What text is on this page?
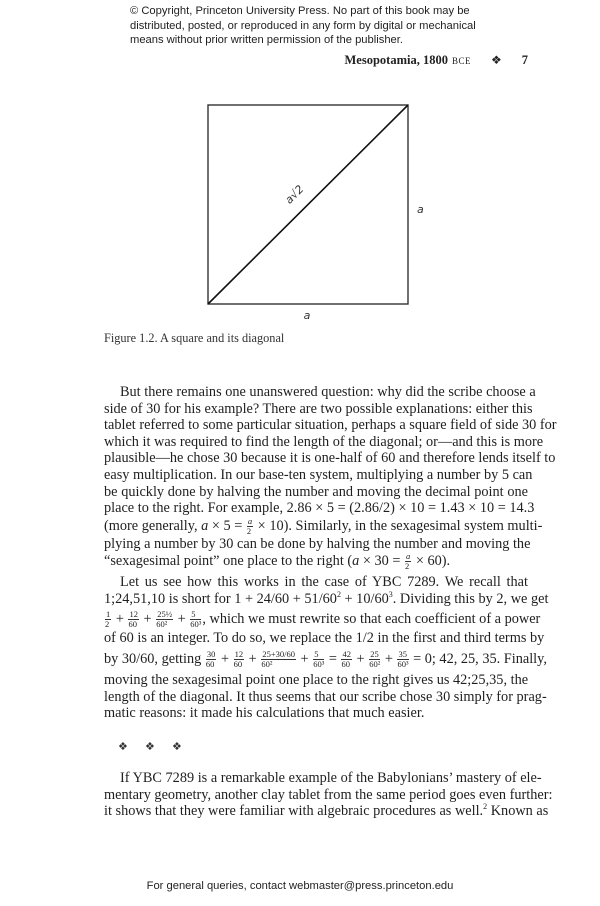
© Copyright, Princeton University Press. No part of this book may be
distributed, posted, or reproduced in any form by digital or mechanical
means without prior written permission of the publisher.
Mesopotamia, 1800 BCE ❖ 7
a√2
a
a
Figure 1.2. A square and its diagonal
But there remains one unanswered question: why did the scribe choose a
side of 30 for his example? There are two possible explanations: either this
tablet referred to some particular situation, perhaps a square field of side 30 for
which it was required to find the length of the diagonal; or—and this is more
plausible—he chose 30 because it is one-half of 60 and therefore lends itself to
easy multiplication. In our base-ten system, multiplying a number by 5 can
be quickly done by halving the number and moving the decimal point one
place to the right. For example, 2.86 × 5 = (2.86/2) × 10 = 1.43 × 10 = 14.3
(more generally, $a \times 5 = \frac{a}{2} \times 10$). Similarly, in the sexagesimal system multi-
plying a number by 30 can be done by halving the number and moving the
“sexagesimal point” one place to the right $(a \times 30 = \frac{a}{2} \times 60)$.
Let us see how this works in the case of YBC 7289. We recall that
1;24,51,10 is short for $1 + 24/60 + 51/60^2 + 10/60^3$. Dividing this by 2, we get
$\frac{1}{2} + \frac{12}{60} + \frac{\text{25½}}{\text{60²}} + \frac{5}{\text{60³}}$ , which we must rewrite so that each coefficient of a power
of 60 is an integer. To do so, we replace the 1/2 in the first and third terms by
by 30/60, getting $\frac{30}{60} + \frac{12}{60} + \frac{25+30/60}{\text{60²}} + \frac{5}{\text{60³}} = \frac{42}{60} + \frac{25}{\text{60²}} + \frac{35}{\text{60³}} = 0$; 42, 25, 35. Finally,
moving the sexagesimal point one place to the right gives us 42;25,35, the
length of the diagonal. It thus seems that our scribe chose 30 simply for prag-
matic reasons: it made his calculations that much easier.
❖ ❖ ❖
If YBC 7289 is a remarkable example of the Babylonians’ mastery of ele-
mentary geometry, another clay tablet from the same period goes even further:
it shows that they were familiar with algebraic procedures as well.$^2$ Known as
For general queries, contact webmaster@press.princeton.edu
